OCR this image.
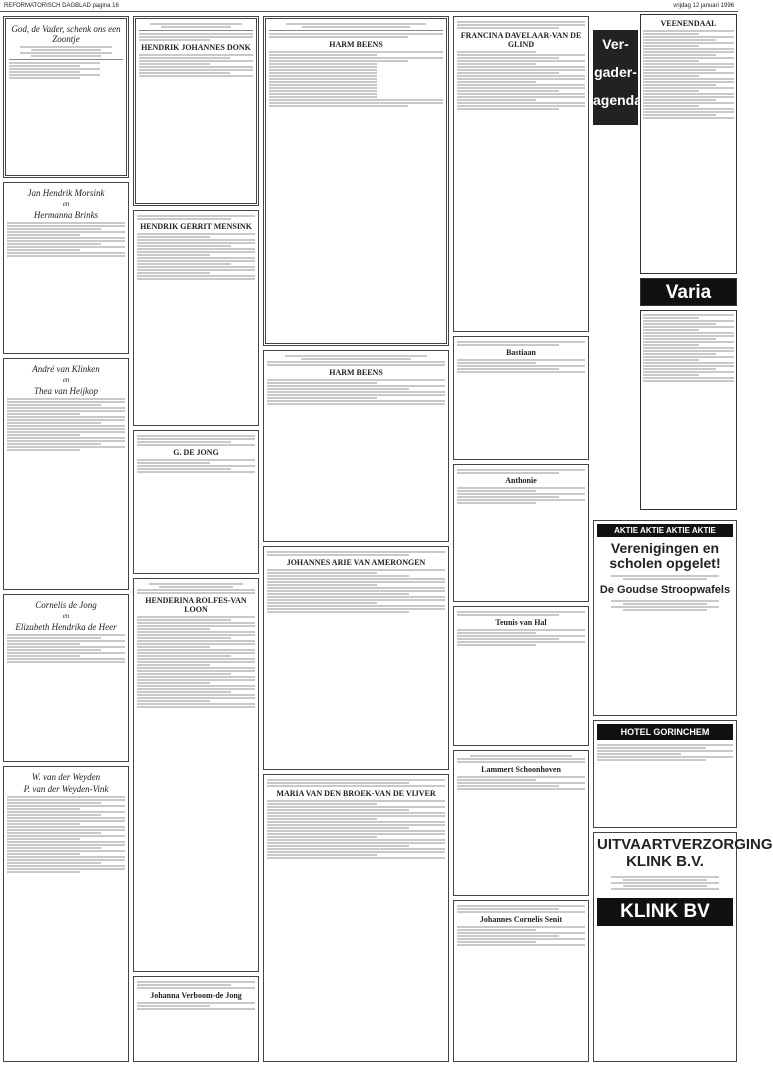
REFORMATORISCH DAGBLAD pagina 16	vrijdag 12 januari 1996
God, de Vader, schenk ons een Zoontje
Jan Hendrik Morsink
en
Hermanna Brinks
André van Klinken
en
Thea van Heijkop
Cornelis de Jong
en
Elizabeth Hendrika de Heer
W. van der Weyden
P. van der Weyden-Vink
HENDRIK JOHANNES DONK
HENDRIK GERRIT MENSINK
G. DE JONG
HENDERINA ROLFES-VAN LOON
Johanna Verboom-de Jong
HARM BEENS
HARM BEENS
JOHANNES ARIE VAN AMERONGEN
MARIA VAN DEN BROEK-VAN DE VIJVER
FRANCINA DAVELAAR-VAN DE GLIND
Bastiaan
Anthonie
Teunis van Hal
Lammert Schoonhoven
Johannes Cornelis Senit
Ver-
gader-
agenda
VEENENDAAL
Varia
AKTIE AKTIE AKTIE AKTIE
Verenigingen en scholen opgelet!
De Goudse Stroopwafels
HOTEL GORINCHEM
UITVAARTVERZORGING KLINK B.V.
KLINK BV
